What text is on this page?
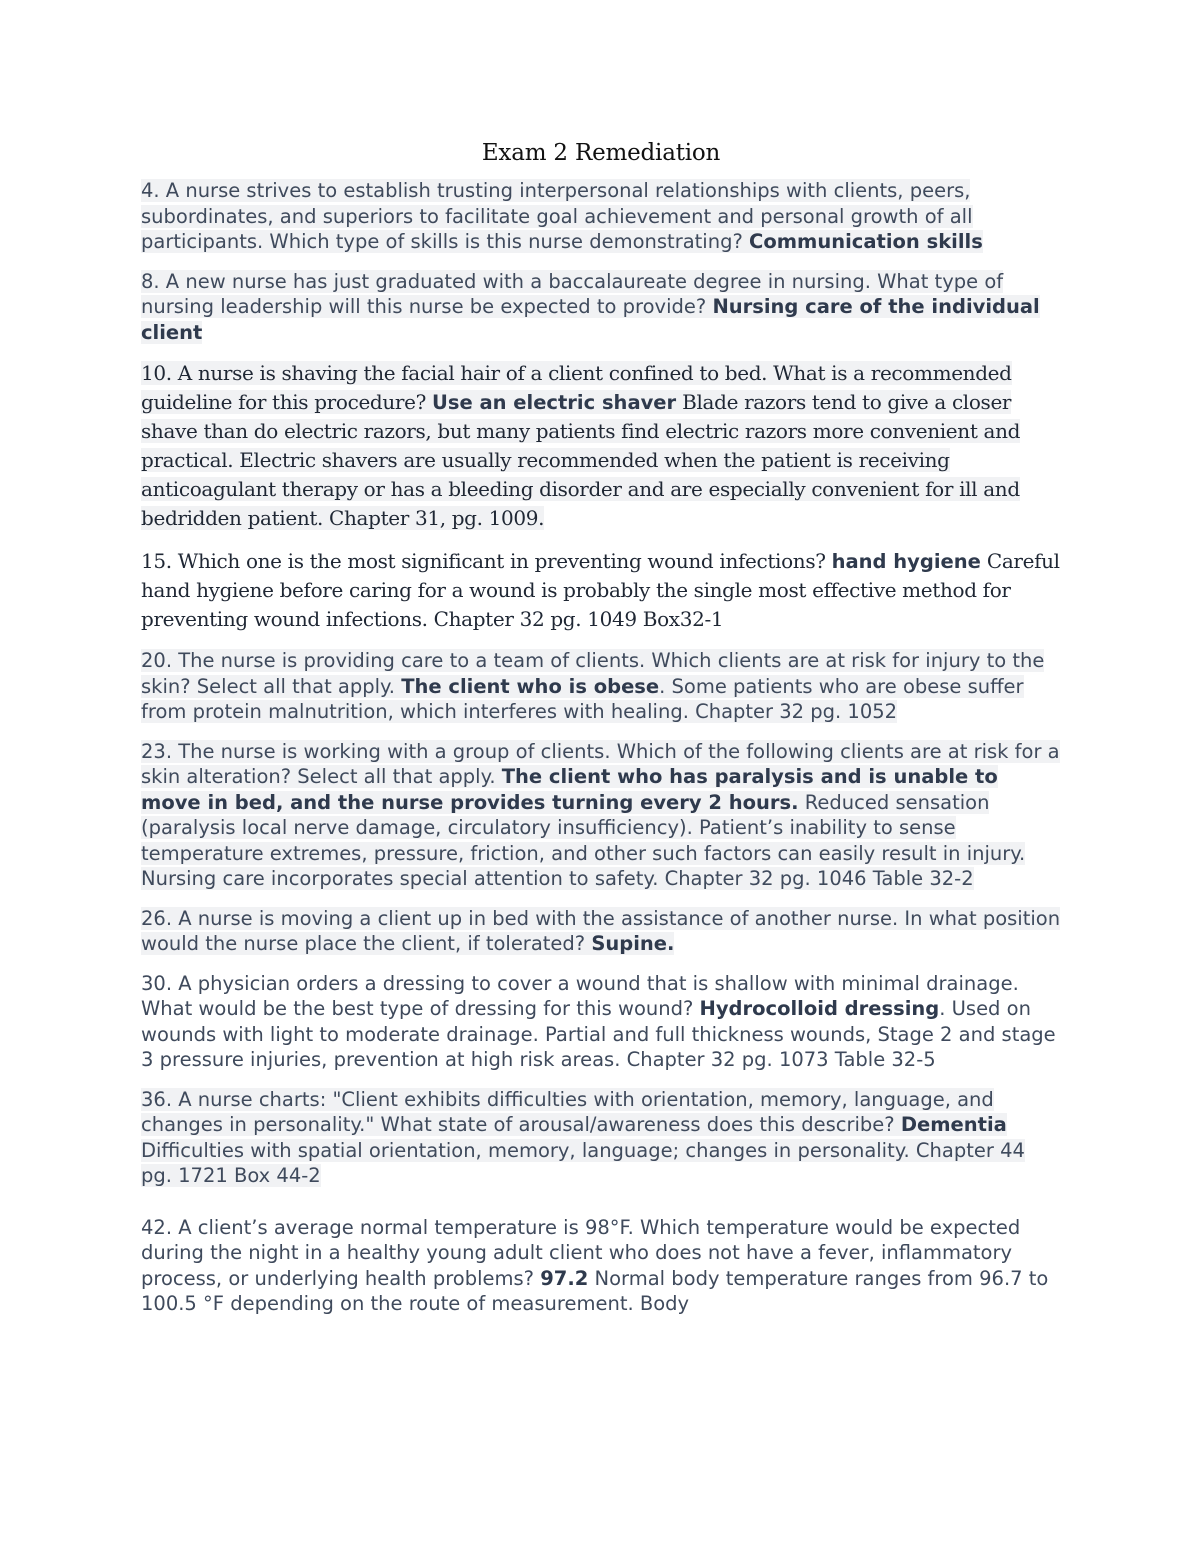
Exam 2 Remediation
4. A nurse strives to establish trusting interpersonal relationships with clients, peers, subordinates, and superiors to facilitate goal achievement and personal growth of all participants. Which type of skills is this nurse demonstrating? Communication skills
8. A new nurse has just graduated with a baccalaureate degree in nursing. What type of nursing leadership will this nurse be expected to provide? Nursing care of the individual client
10. A nurse is shaving the facial hair of a client confined to bed. What is a recommended guideline for this procedure? Use an electric shaver Blade razors tend to give a closer shave than do electric razors, but many patients find electric razors more convenient and practical. Electric shavers are usually recommended when the patient is receiving anticoagulant therapy or has a bleeding disorder and are especially convenient for ill and bedridden patient. Chapter 31, pg. 1009.
15. Which one is the most significant in preventing wound infections? hand hygiene Careful hand hygiene before caring for a wound is probably the single most effective method for preventing wound infections. Chapter 32 pg. 1049 Box32-1
20. The nurse is providing care to a team of clients. Which clients are at risk for injury to the skin? Select all that apply. The client who is obese. Some patients who are obese suffer from protein malnutrition, which interferes with healing. Chapter 32 pg. 1052
23. The nurse is working with a group of clients. Which of the following clients are at risk for a skin alteration? Select all that apply. The client who has paralysis and is unable to move in bed, and the nurse provides turning every 2 hours. Reduced sensation (paralysis local nerve damage, circulatory insufficiency). Patient’s inability to sense temperature extremes, pressure, friction, and other such factors can easily result in injury. Nursing care incorporates special attention to safety. Chapter 32 pg. 1046 Table 32-2
26. A nurse is moving a client up in bed with the assistance of another nurse. In what position would the nurse place the client, if tolerated? Supine.
30. A physician orders a dressing to cover a wound that is shallow with minimal drainage. What would be the best type of dressing for this wound? Hydrocolloid dressing. Used on wounds with light to moderate drainage. Partial and full thickness wounds, Stage 2 and stage 3 pressure injuries, prevention at high risk areas. Chapter 32 pg. 1073 Table 32-5
36. A nurse charts: "Client exhibits difficulties with orientation, memory, language, and changes in personality." What state of arousal/awareness does this describe? Dementia Difficulties with spatial orientation, memory, language; changes in personality. Chapter 44 pg. 1721 Box 44-2
42. A client’s average normal temperature is 98°F. Which temperature would be expected during the night in a healthy young adult client who does not have a fever, inflammatory process, or underlying health problems? 97.2 Normal body temperature ranges from 96.7 to 100.5 °F depending on the route of measurement. Body
